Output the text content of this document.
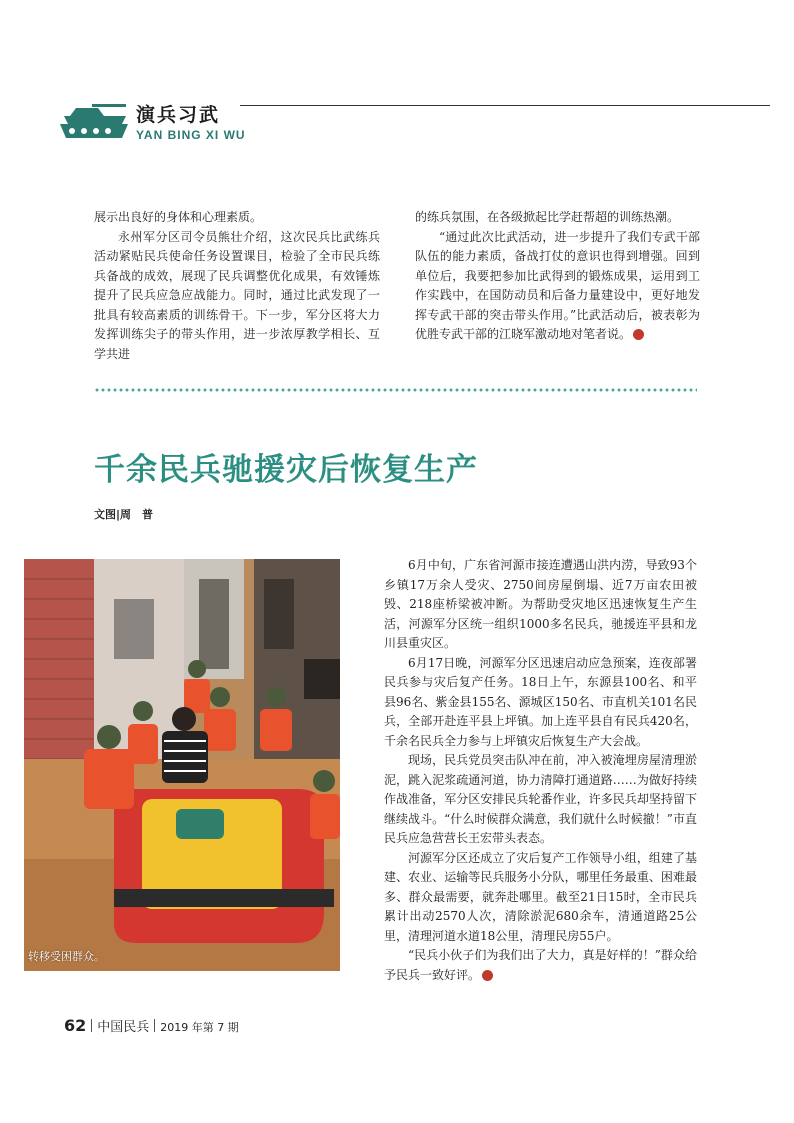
演兵习武
YAN BING XI WU

展示出良好的身体和心理素质。

永州军分区司令员熊壮介绍，这次民兵比武练兵活动紧贴民兵使命任务设置课目，检验了全市民兵练兵备战的成效，展现了民兵调整优化成果，有效锤炼提升了民兵应急应战能力。同时，通过比武发现了一批具有较高素质的训练骨干。下一步，军分区将大力发挥训练尖子的带头作用，进一步浓厚教学相长、互学共进

的练兵氛围，在各级掀起比学赶帮超的训练热潮。

“通过此次比武活动，进一步提升了我们专武干部队伍的能力素质，备战打仗的意识也得到增强。回到单位后，我要把参加比武得到的锻炼成果，运用到工作实践中，在国防动员和后备力量建设中，更好地发挥专武干部的突击带头作用。”比武活动后，被表彰为优胜专武干部的江晓军激动地对笔者说。	民

千余民兵驰援灾后恢复生产
文图|周　普
转移受困群众。

6月中旬，广东省河源市接连遭遇山洪内涝，导致93个乡镇17万余人受灾、2750间房屋倒塌、近7万亩农田被毁、218座桥梁被冲断。为帮助受灾地区迅速恢复生产生活，河源军分区统一组织1000多名民兵，驰援连平县和龙川县重灾区。

6月17日晚，河源军分区迅速启动应急预案，连夜部署民兵参与灾后复产任务。18日上午，东源县100名、和平县96名、紫金县155名、源城区150名、市直机关101名民兵，全部开赴连平县上坪镇。加上连平县自有民兵420名，千余名民兵全力参与上坪镇灾后恢复生产大会战。

现场，民兵党员突击队冲在前，冲入被淹埋房屋清理淤泥，跳入泥浆疏通河道，协力清障打通道路……为做好持续作战准备，军分区安排民兵轮番作业，许多民兵却坚持留下继续战斗。“什么时候群众满意，我们就什么时候撤！”市直民兵应急营营长王宏带头表态。

河源军分区还成立了灾后复产工作领导小组，组建了基建、农业、运输等民兵服务小分队，哪里任务最重、困难最多、群众最需要，就奔赴哪里。截至21日15时，全市民兵累计出动2570人次，清除淤泥680余车，清通道路25公里，清理河道水道18公里，清理民房55户。

“民兵小伙子们为我们出了大力，真是好样的！”群众给予民兵一致好评。	民

62 中国民兵 2019 年第 7 期
